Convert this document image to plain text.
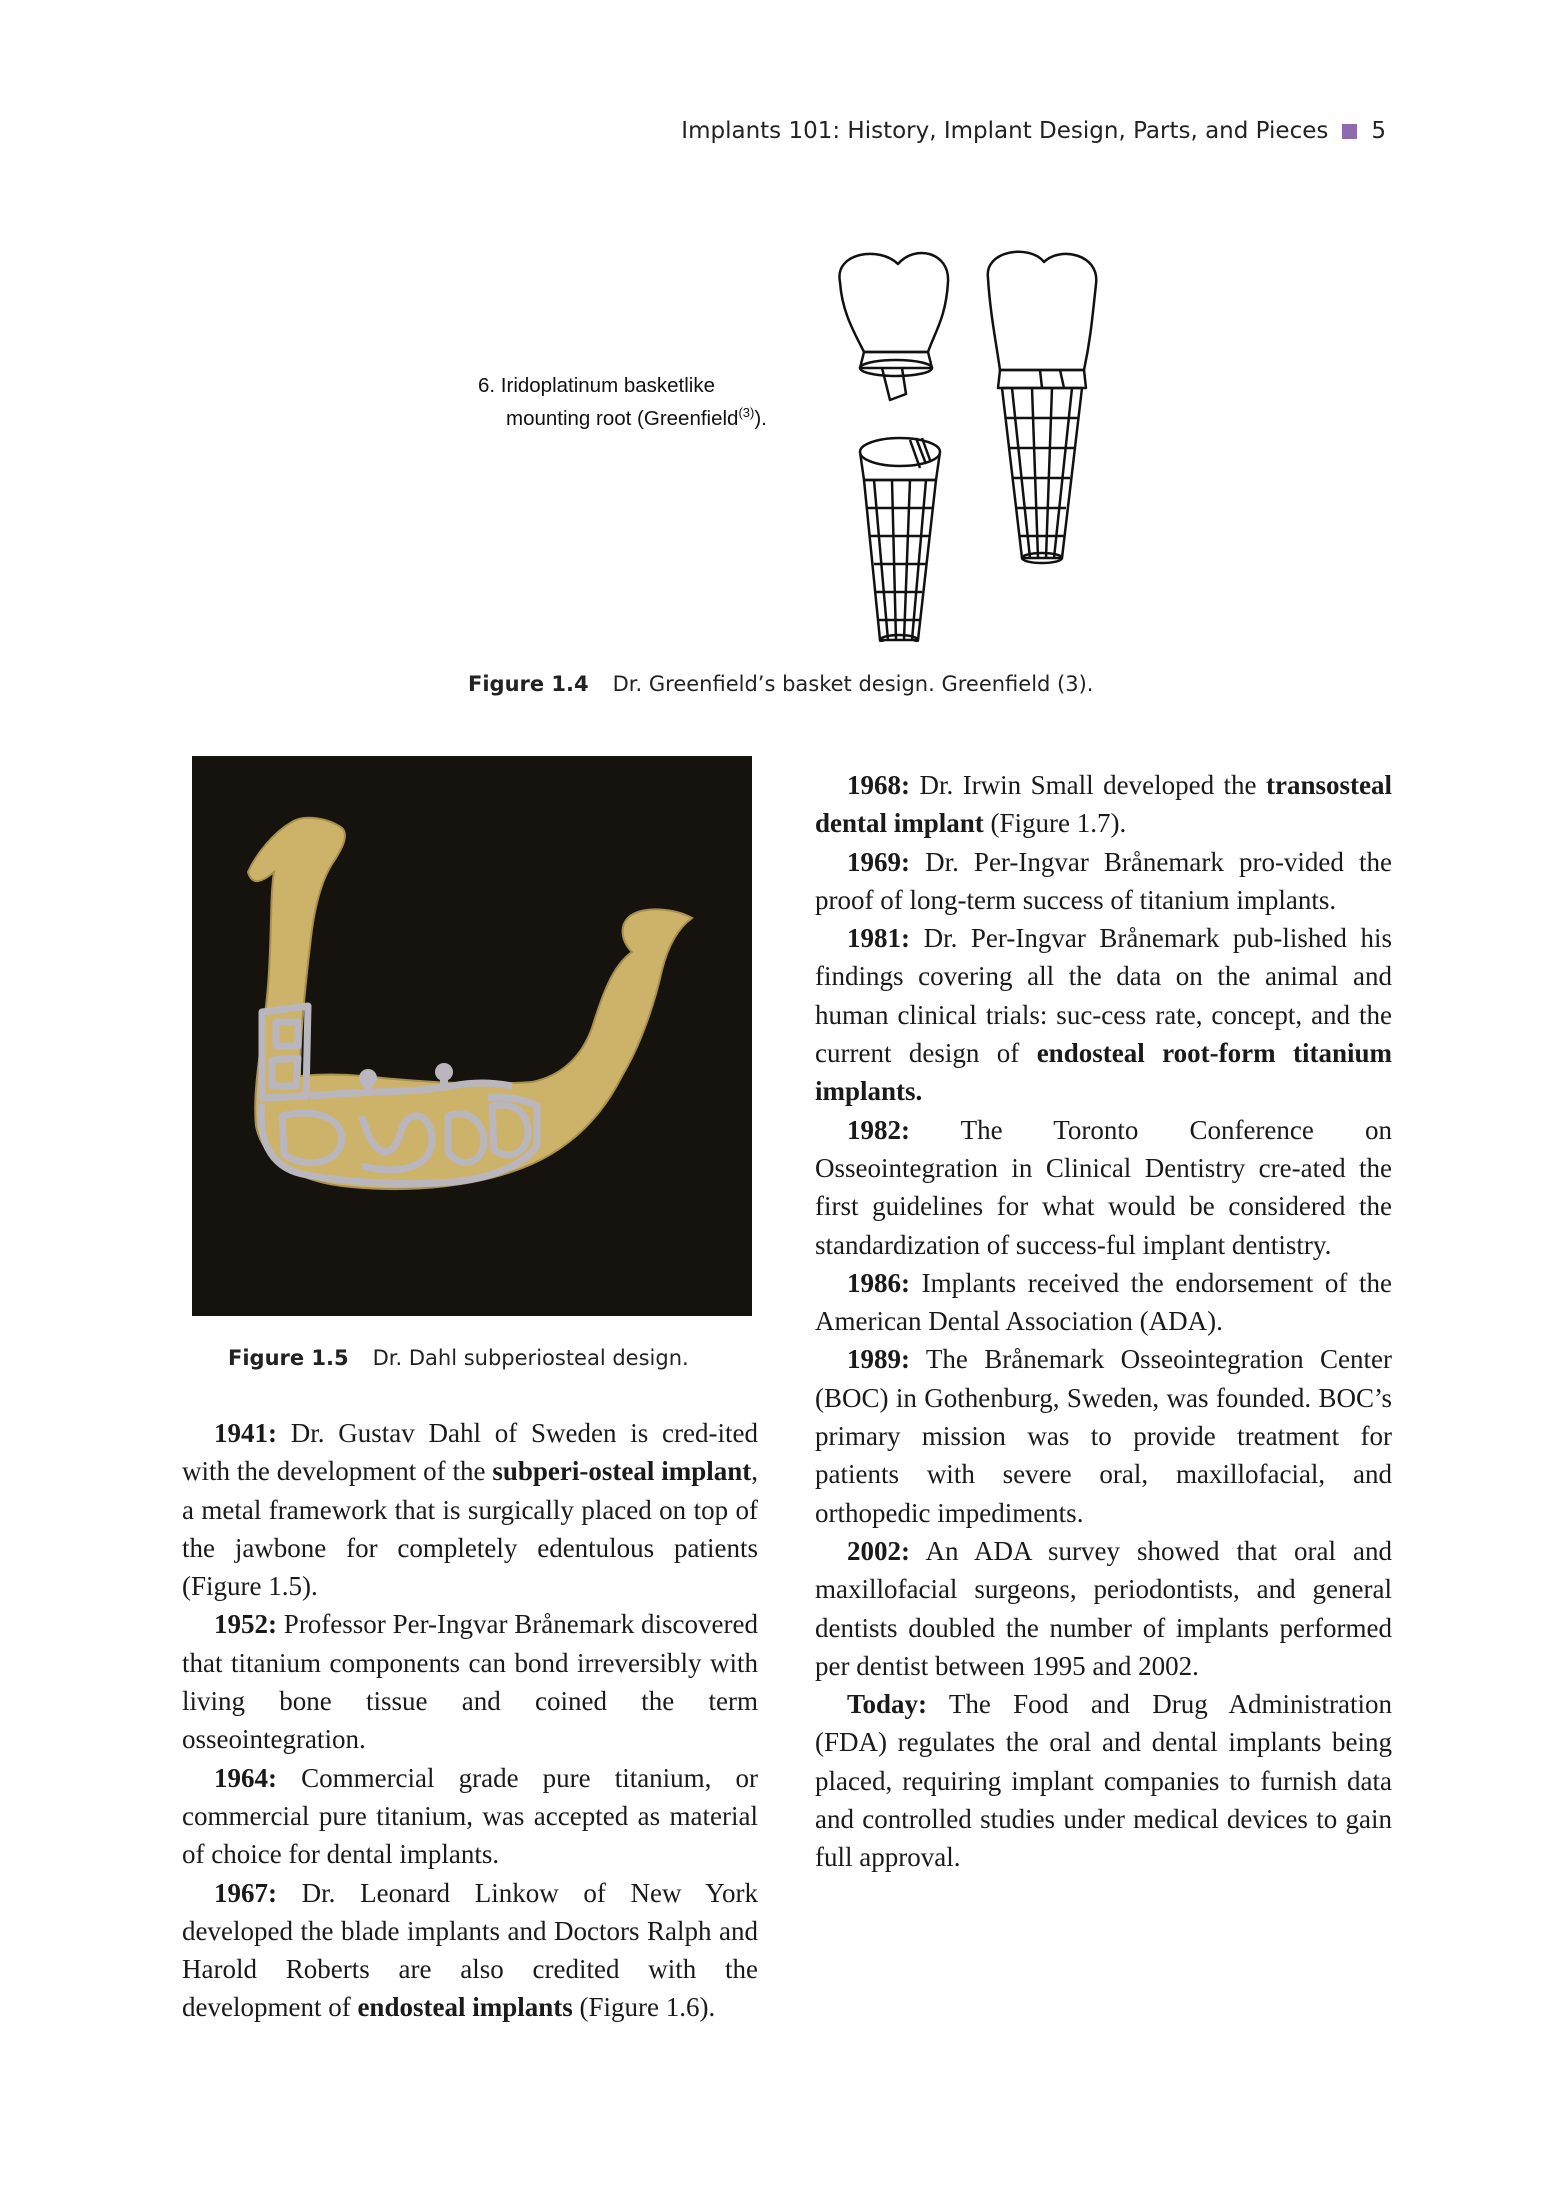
Implants 101: History, Implant Design, Parts, and Pieces 5
6. Iridoplatinum basketlike
mounting root (Greenfield$^{(3)}$).
Figure 1.4 Dr. Greenfield’s basket design. Greenfield (3).
Figure 1.5 Dr. Dahl subperiosteal design.

1941: Dr. Gustav Dahl of Sweden is cred-ited with the development of the subperi-osteal implant, a metal framework that is surgically placed on top of the jawbone for completely edentulous patients (Figure 1.5).

1952: Professor Per-Ingvar Brånemark discovered that titanium components can bond irreversibly with living bone tissue and coined the term osseointegration.

1964: Commercial grade pure titanium, or commercial pure titanium, was accepted as material of choice for dental implants.

1967: Dr. Leonard Linkow of New York developed the blade implants and Doctors Ralph and Harold Roberts are also credited with the development of endosteal implants (Figure 1.6).

1968: Dr. Irwin Small developed the transosteal dental implant (Figure 1.7).

1969: Dr. Per-Ingvar Brånemark pro-vided the proof of long-term success of titanium implants.

1981: Dr. Per-Ingvar Brånemark pub-lished his findings covering all the data on the animal and human clinical trials: suc-cess rate, concept, and the current design of endosteal root-form titanium implants.

1982: The Toronto Conference on Osseointegration in Clinical Dentistry cre-ated the first guidelines for what would be considered the standardization of success-ful implant dentistry.

1986: Implants received the endorsement of the American Dental Association (ADA).

1989: The Brånemark Osseointegration Center (BOC) in Gothenburg, Sweden, was founded. BOC’s primary mission was to provide treatment for patients with severe oral, maxillofacial, and orthopedic impediments.

2002: An ADA survey showed that oral and maxillofacial surgeons, periodontists, and general dentists doubled the number of implants performed per dentist between 1995 and 2002.

Today: The Food and Drug Administration (FDA) regulates the oral and dental implants being placed, requiring implant companies to furnish data and controlled studies under medical devices to gain full approval.
